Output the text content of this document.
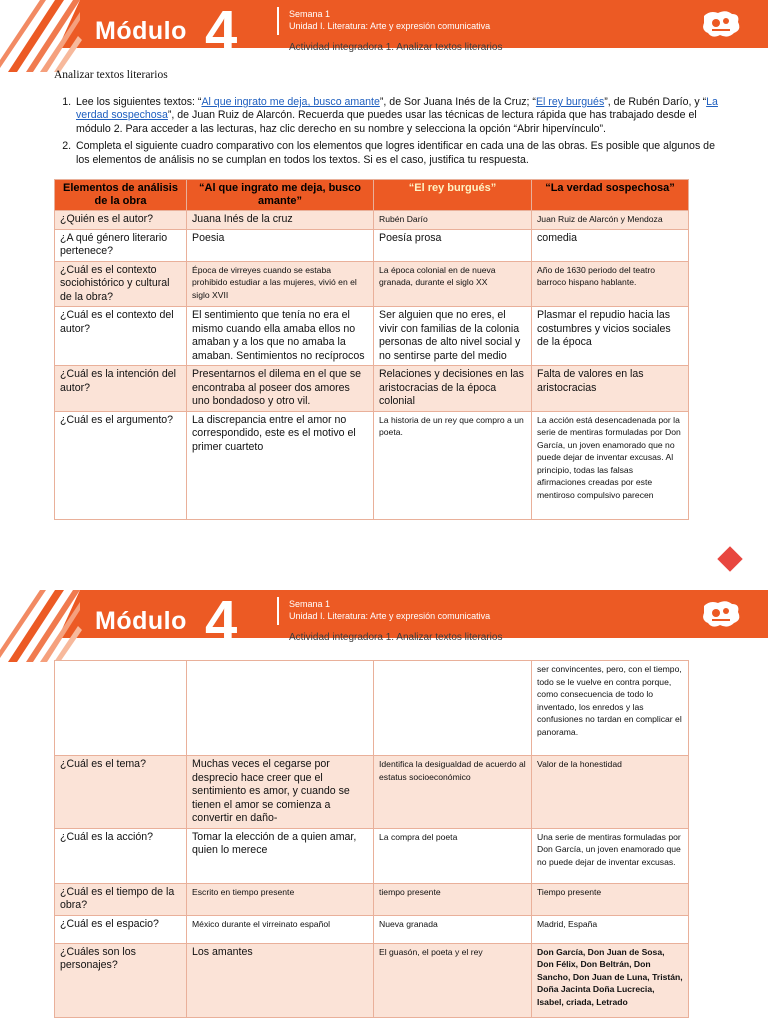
Módulo 4	Semana 1
Unidad I. Literatura: Arte y expresión comunicativa
Actividad integradora 1. Analizar textos literarios
Analizar textos literarios
1. Lee los siguientes textos: “Al que ingrato me deja, busco amante”, de Sor Juana Inés de la Cruz; “El rey burgués”, de Rubén Darío, y “La verdad sospechosa”, de Juan Ruiz de Alarcón. Recuerda que puedes usar las técnicas de lectura rápida que has trabajado desde el módulo 2. Para acceder a las lecturas, haz clic derecho en su nombre y selecciona la opción “Abrir hipervínculo”.
2. Completa el siguiente cuadro comparativo con los elementos que logres identificar en cada una de las obras. Es posible que algunos de los elementos de análisis no se cumplan en todos los textos. Si es el caso, justifica tu respuesta.
Elementos de análisis de la obra	“Al que ingrato me deja, busco amante”	“El rey burgués”	“La verdad sospechosa”
¿Quién es el autor?	Juana Inés de la cruz	Rubén Darío	Juan Ruiz de Alarcón y Mendoza
¿A qué género literario pertenece?	Poesia	Poesía prosa	comedia
¿Cuál es el contexto sociohistórico y cultural de la obra?	Época de virreyes cuando se estaba prohibido estudiar a las mujeres, vivió en el siglo XVII	La época colonial en de nueva granada, durante el siglo XX	Año de 1630 periodo del teatro barroco hispano hablante.
¿Cuál es el contexto del autor?	El sentimiento que tenía no era el mismo cuando ella amaba ellos no amaban y a los que no amaba la amaban. Sentimientos no recíprocos	Ser alguien que no eres, el vivir con familias de la colonia personas de alto nivel social y no sentirse parte del medio	Plasmar el repudio hacia las costumbres y vicios sociales de la época
¿Cuál es la intención del autor?	Presentarnos el dilema en el que se encontraba al poseer dos amores uno bondadoso y otro vil.	Relaciones y decisiones en las aristocracias de la época colonial	Falta de valores en las aristocracias
¿Cuál es el argumento?	La discrepancia entre el amor no correspondido, este es el motivo el primer cuarteto	La historia de un rey que compro a un poeta.	La acción está desencadenada por la serie de mentiras formuladas por Don García, un joven enamorado que no puede dejar de inventar excusas. Al principio, todas las falsas afirmaciones creadas por este mentiroso compulsivo parecen
Módulo 4	Semana 1
Unidad I. Literatura: Arte y expresión comunicativa
Actividad integradora 1. Analizar textos literarios
			ser convincentes, pero, con el tiempo, todo se le vuelve en contra porque, como consecuencia de todo lo inventado, los enredos y las confusiones no tardan en complicar el panorama.
¿Cuál es el tema?	Muchas veces el cegarse por desprecio hace creer que el sentimiento es amor, y cuando se tienen el amor se comienza a convertir en daño-	Identifica la desigualdad de acuerdo al estatus socioeconómico	Valor de la honestidad
¿Cuál es la acción?	Tomar la elección de a quien amar, quien lo merece	La compra del poeta	Una serie de mentiras formuladas por Don García, un joven enamorado que no puede dejar de inventar excusas.
¿Cuál es el tiempo de la obra?	Escrito en tiempo presente	tiempo presente	Tiempo presente
¿Cuál es el espacio?	México durante el virreinato español	Nueva granada	Madrid, España
¿Cuáles son los personajes?	Los amantes	El guasón, el poeta y el rey	Don García, Don Juan de Sosa, Don Félix, Don Beltrán, Don Sancho, Don Juan de Luna, Tristán, Doña Jacinta Doña Lucrecia, Isabel, criada, Letrado
